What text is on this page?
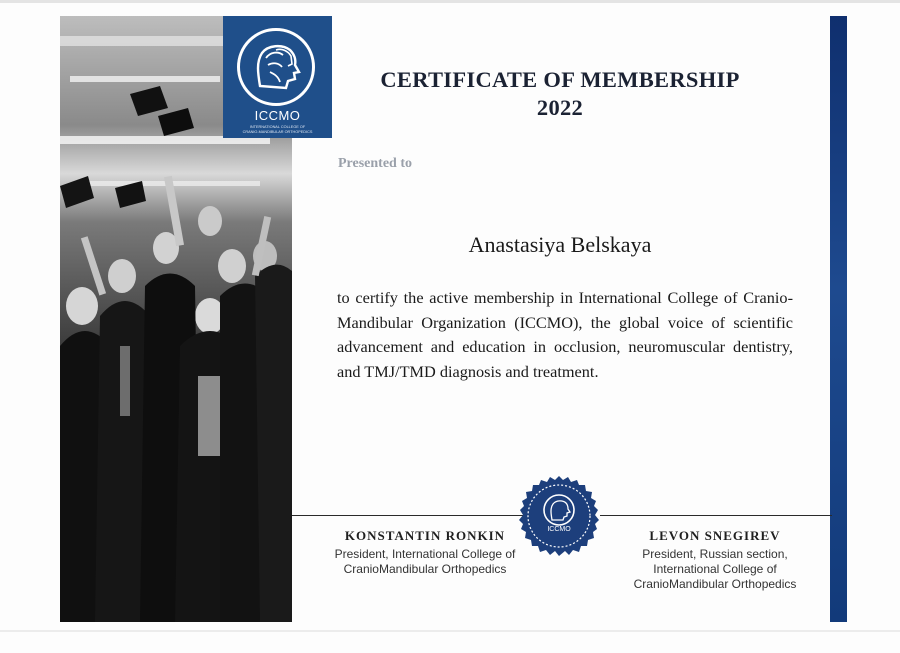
ICCMO
INTERNATIONAL COLLEGE OF
CRANIO-MANDIBULAR ORTHOPEDICS
CERTIFICATE OF MEMBERSHIP
2022
Presented to
Anastasiya Belskaya
to certify the active membership in International College of Cranio-Mandibular Organization (ICCMO), the global voice of scientific advancement and education in occlusion, neuromuscular dentistry, and TMJ/TMD diagnosis and treatment.
ICCMO
KONSTANTIN RONKIN
President, International College of
CranioMandibular Orthopedics
LEVON SNEGIREV
President, Russian section,
International College of
CranioMandibular Orthopedics
